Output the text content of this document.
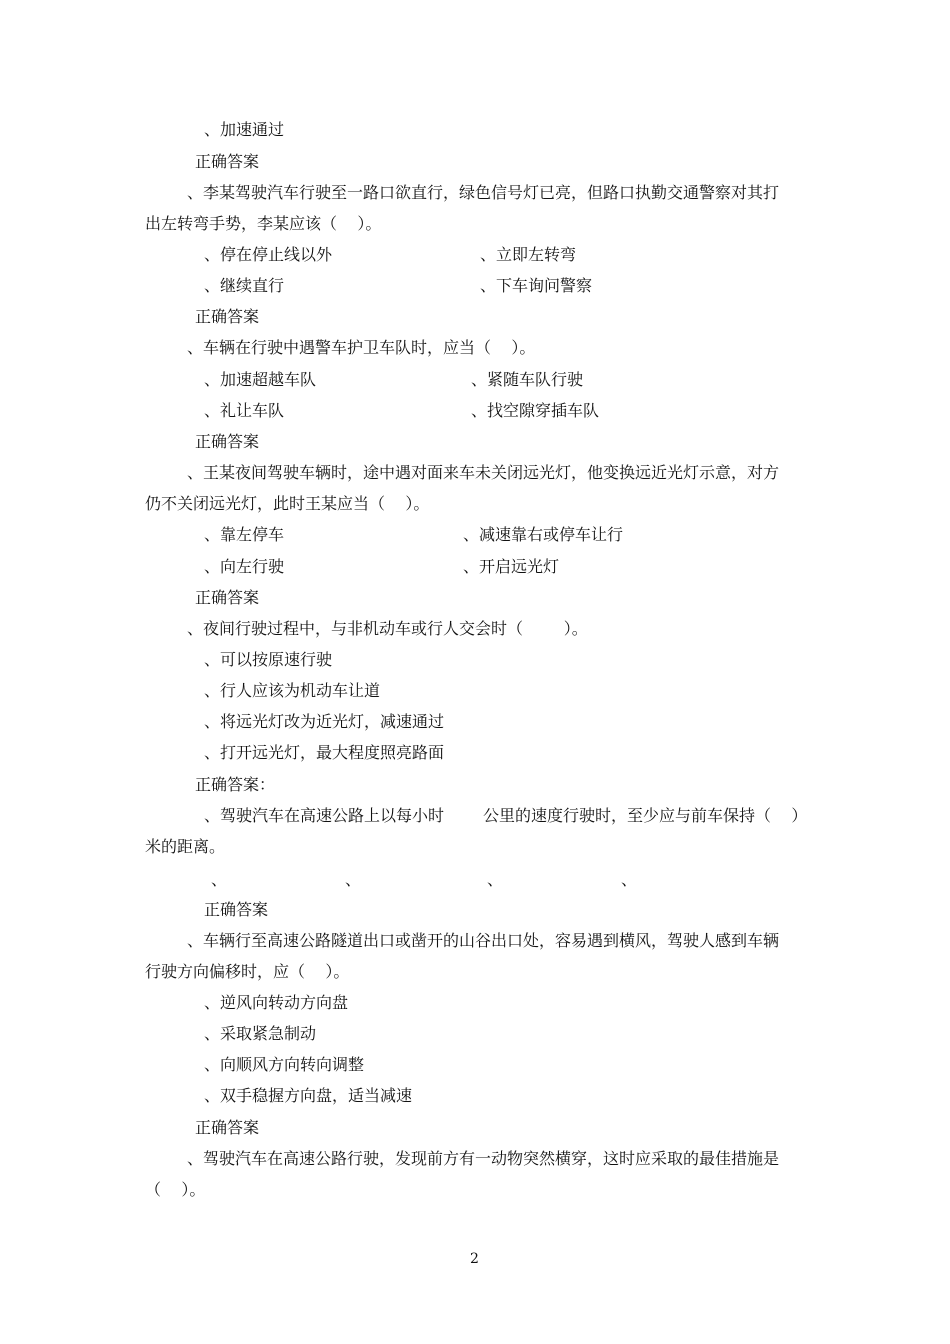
、加速通过
正确答案
、李某驾驶汽车行驶至一路口欲直行，绿色信号灯已亮，但路口执勤交通警察对其打
出左转弯手势，李某应该（    ）。
、停在停止线以外	、立即左转弯
、继续直行	、下车询问警察
正确答案
、车辆在行驶中遇警车护卫车队时，应当（    ）。
、加速超越车队	、紧随车队行驶
、礼让车队	、找空隙穿插车队
正确答案
、王某夜间驾驶车辆时，途中遇对面来车未关闭远光灯，他变换远近光灯示意，对方
仍不关闭远光灯，此时王某应当（    ）。
、靠左停车	、减速靠右或停车让行
、向左行驶	、开启远光灯
正确答案
、夜间行驶过程中，与非机动车或行人交会时（        ）。
、可以按原速行驶
、行人应该为机动车让道
、将远光灯改为近光灯，减速通过
、打开远光灯，最大程度照亮路面
正确答案：
、驾驶汽车在高速公路上以每小时 公里的速度行驶时，至少应与前车保持（    ）
米的距离。
、	、	、	、
正确答案
、车辆行至高速公路隧道出口或凿开的山谷出口处，容易遇到横风，驾驶人感到车辆
行驶方向偏移时，应（    ）。
、逆风向转动方向盘
、采取紧急制动
、向顺风方向转向调整
、双手稳握方向盘，适当减速
正确答案
、驾驶汽车在高速公路行驶，发现前方有一动物突然横穿，这时应采取的最佳措施是
（    ）。
2
